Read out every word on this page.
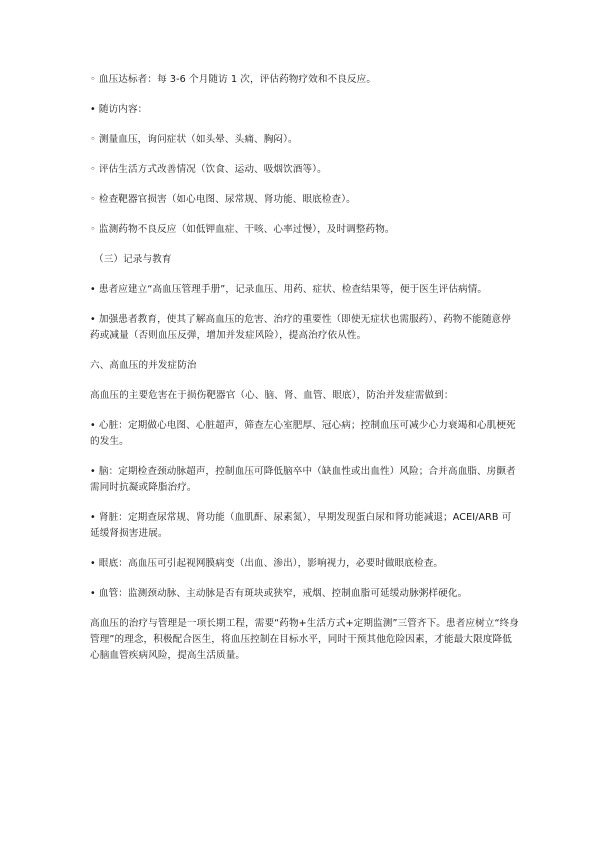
◦ 血压达标者：每 3-6 个月随访 1 次，评估药物疗效和不良反应。

• 随访内容：

◦ 测量血压，询问症状（如头晕、头痛、胸闷）。

◦ 评估生活方式改善情况（饮食、运动、吸烟饮酒等）。

◦ 检查靶器官损害（如心电图、尿常规、肾功能、眼底检查）。

◦ 监测药物不良反应（如低钾血症、干咳、心率过慢），及时调整药物。

（三）记录与教育

• 患者应建立“高血压管理手册”，记录血压、用药、症状、检查结果等，便于医生评估病情。

• 加强患者教育，使其了解高血压的危害、治疗的重要性（即使无症状也需服药）、药物不能随意停药或减量（否则血压反弹，增加并发症风险），提高治疗依从性。

六、高血压的并发症防治

高血压的主要危害在于损伤靶器官（心、脑、肾、血管、眼底），防治并发症需做到：

• 心脏：定期做心电图、心脏超声，筛查左心室肥厚、冠心病；控制血压可减少心力衰竭和心肌梗死的发生。

• 脑：定期检查颈动脉超声，控制血压可降低脑卒中（缺血性或出血性）风险；合并高血脂、房颤者需同时抗凝或降脂治疗。

• 肾脏：定期查尿常规、肾功能（血肌酐、尿素氮），早期发现蛋白尿和肾功能减退；ACEI/ARB 可延缓肾损害进展。

• 眼底：高血压可引起视网膜病变（出血、渗出），影响视力，必要时做眼底检查。

• 血管：监测颈动脉、主动脉是否有斑块或狭窄，戒烟、控制血脂可延缓动脉粥样硬化。

高血压的治疗与管理是一项长期工程，需要“药物+生活方式+定期监测”三管齐下。患者应树立“终身管理”的理念，积极配合医生，将血压控制在目标水平，同时干预其他危险因素，才能最大限度降低心脑血管疾病风险，提高生活质量。
